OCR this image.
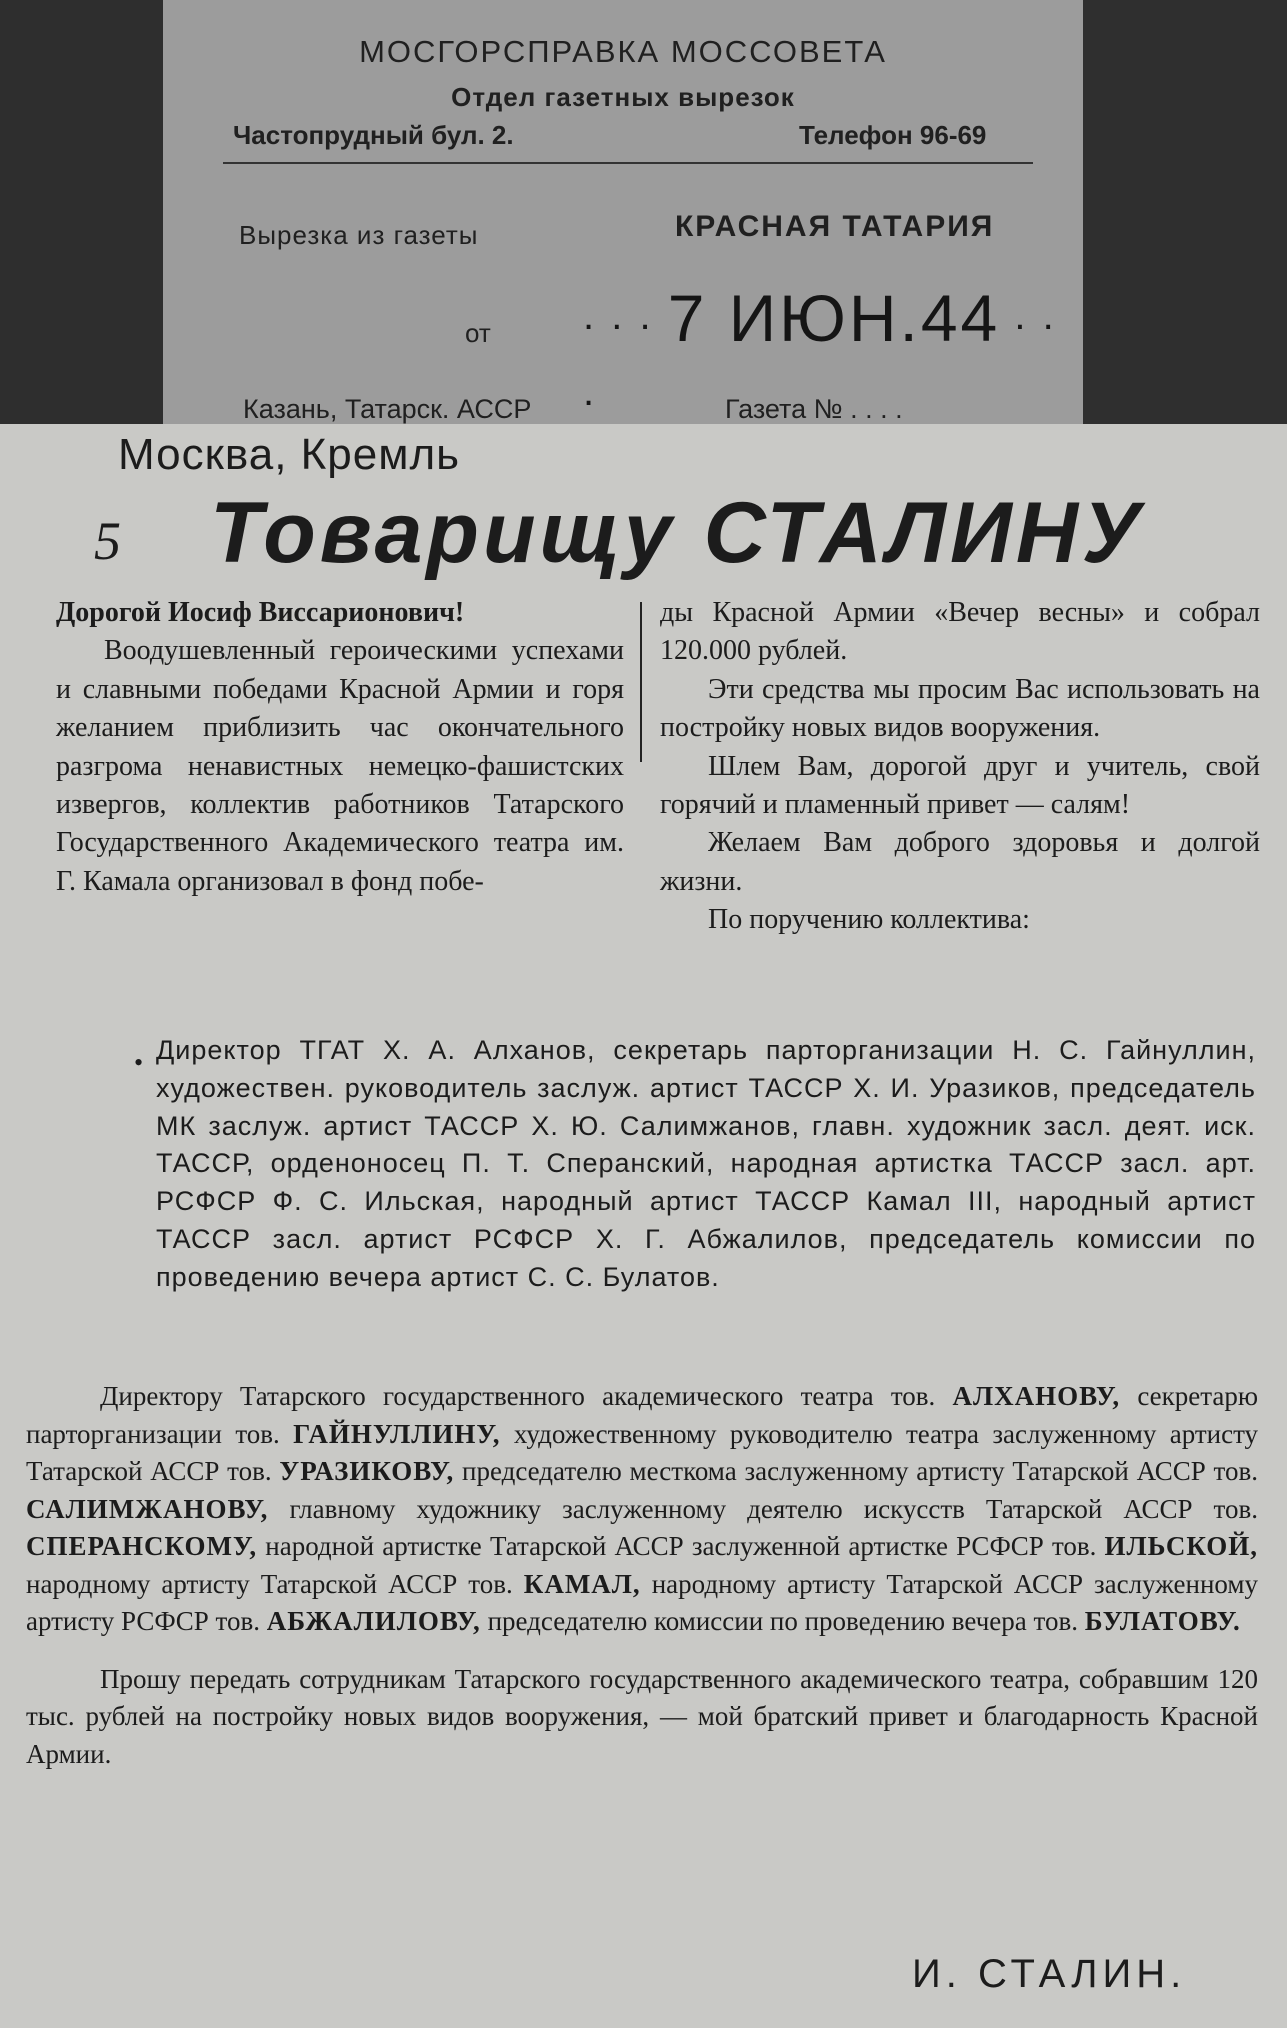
МОСГОРСПРАВКА МОССОВЕТА
Отдел газетных вырезок
Частопрудный бул. 2.	Телефон 96-69
Вырезка из газеты	КРАСНАЯ ТАТАРИЯ
от . . . 7 ИЮН.44 . . .
Казань, Татарск. АССР	Газета № . . . .
Москва, Кремль
5 Товарищу СТАЛИНУ

Дорогой Иосиф Виссарионович!

Воодушевленный героическими успехами и славными победами Красной Армии и горя желанием приблизить час окончательного разгрома ненавистных немецко-фашистских извергов, коллектив работников Татарского Государственного Академического театра им. Г. Камала организовал в фонд побе-

ды Красной Армии «Вечер весны» и собрал 120.000 рублей.

Эти средства мы просим Вас использовать на постройку новых видов вооружения.

Шлем Вам, дорогой друг и учитель, свой горячий и пламенный привет — салям!

Желаем Вам доброго здоровья и долгой жизни.

По поручению коллектива:

• Директор ТГАТ Х. А. Алханов, секретарь парторганизации Н. С. Гайнуллин, художествен. руководитель заслуж. артист ТАССР Х. И. Уразиков, председатель МК заслуж. артист ТАССР Х. Ю. Салимжанов, главн. художник засл. деят. иск. ТАССР, орденоносец П. Т. Сперанский, народная артистка ТАССР засл. арт. РСФСР Ф. С. Ильская, народный артист ТАССР Камал III, народный артист ТАССР засл. артист РСФСР Х. Г. Абжалилов, председатель комиссии по проведению вечера артист С. С. Булатов.

Директору Татарского государственного академического театра тов. АЛХАНОВУ, секретарю парторганизации тов. ГАЙНУЛЛИНУ, художественному руководителю театра заслуженному артисту Татарской АССР тов. УРАЗИКОВУ, председателю месткома заслуженному артисту Татарской АССР тов. САЛИМЖАНОВУ, главному художнику заслуженному деятелю искусств Татарской АССР тов. СПЕРАНСКОМУ, народной артистке Татарской АССР заслуженной артистке РСФСР тов. ИЛЬСКОЙ, народному артисту Татарской АССР тов. КАМАЛ, народному артисту Татарской АССР заслуженному артисту РСФСР тов. АБЖАЛИЛОВУ, председателю комиссии по проведению вечера тов. БУЛАТОВУ.

Прошу передать сотрудникам Татарского государственного академического театра, собравшим 120 тыс. рублей на постройку новых видов вооружения, — мой братский привет и благодарность Красной Армии.

И. СТАЛИН.
